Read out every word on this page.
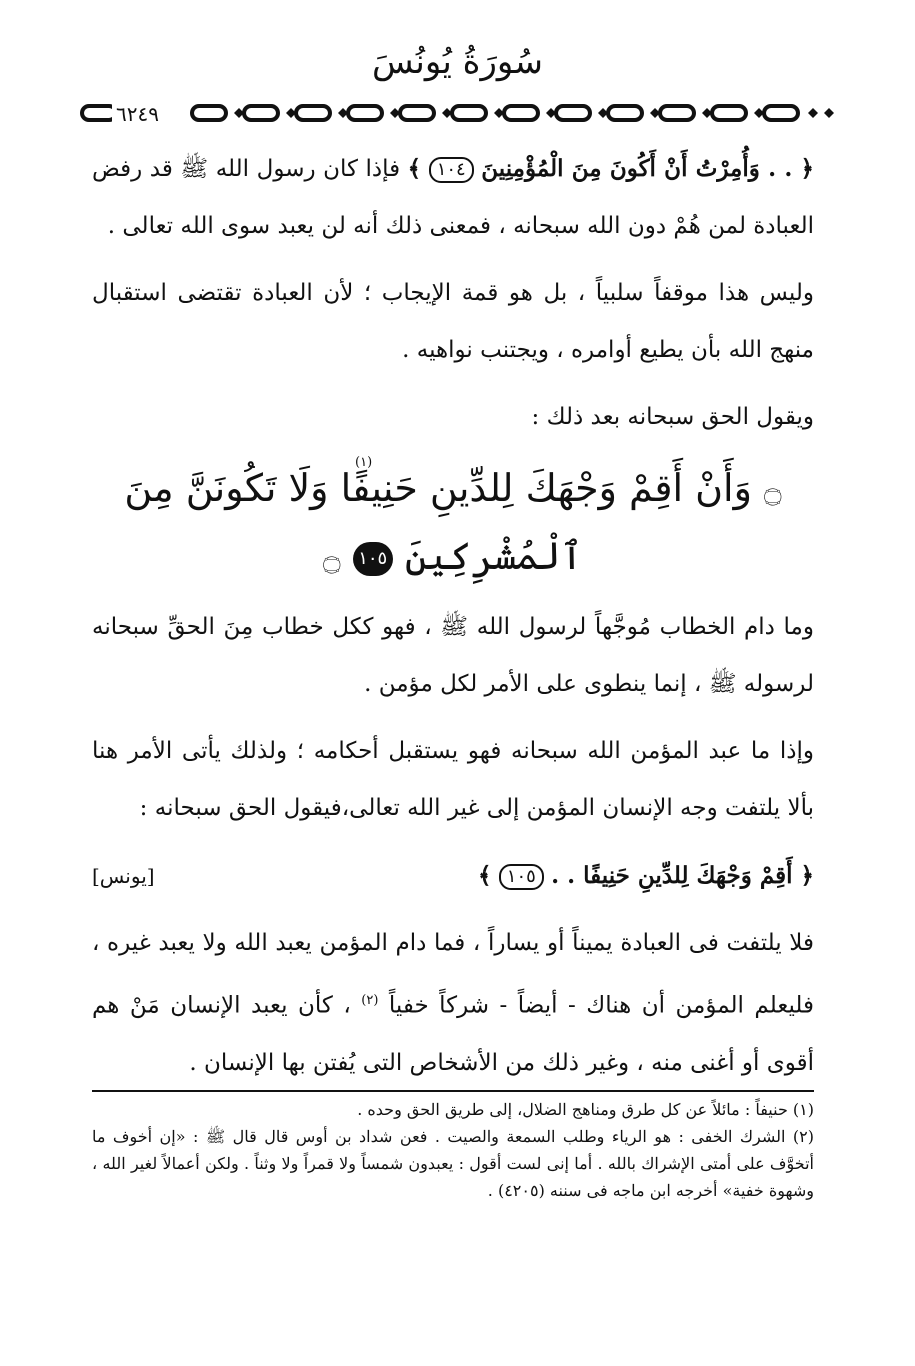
سُورَةُ يُونُسَ
٦٢٤٩
(١)

﴿ . . وَأُمِرْتُ أَنْ أَكُونَ مِنَ الْمُؤْمِنِينَ ١٠٤ ﴾ فإذا كان رسول الله ﷺ قد رفض العبادة لمن هُمْ دون الله سبحانه ، فمعنى ذلك أنه لن يعبد سوى الله تعالى .

وليس هذا موقفاً سلبياً ، بل هو قمة الإيجاب ؛ لأن العبادة تقتضى استقبال منهج الله بأن يطيع أوامره ، ويجتنب نواهيه .

ويقول الحق سبحانه بعد ذلك :

۝ وَأَنْ أَقِمْ وَجْهَكَ لِلدِّينِ حَنِيفًا وَلَا تَكُونَنَّ مِنَ
ٱلْمُشْرِكِينَ ١٠٥ ۝

وما دام الخطاب مُوجَّهاً لرسول الله ﷺ ، فهو ككل خطاب مِنَ الحقِّ سبحانه لرسوله ﷺ ، إنما ينطوى على الأمر لكل مؤمن .

وإذا ما عبد المؤمن الله سبحانه فهو يستقبل أحكامه ؛ ولذلك يأتى الأمر هنا بألا يلتفت وجه الإنسان المؤمن إلى غير الله تعالى،فيقول الحق سبحانه :

﴿ أَقِمْ وَجْهَكَ لِلدِّينِ حَنِيفًا . . ١٠٥ ﴾
[يونس]

فلا يلتفت فى العبادة يميناً أو يساراً ، فما دام المؤمن يعبد الله ولا يعبد غيره ، فليعلم المؤمن أن هناك - أيضاً - شركاً خفياً $^{(٢)}$ ، كأن يعبد الإنسان مَنْ هم أقوى أو أغنى منه ، وغير ذلك من الأشخاص التى يُفتن بها الإنسان .

(١) حنيفاً : مائلاً عن كل طرق ومناهج الضلال، إلى طريق الحق وحده .

(٢) الشرك الخفى : هو الرياء وطلب السمعة والصيت . فعن شداد بن أوس قال قال ﷺ : «إن أخوف ما أتخوَّف على أمتى الإشراك بالله . أما إنى لست أقول : يعبدون شمساً ولا قمراً ولا وثناً . ولكن أعمالاً لغير الله ، وشهوة خفية» أخرجه ابن ماجه فى سننه (٤٢٠٥) .
